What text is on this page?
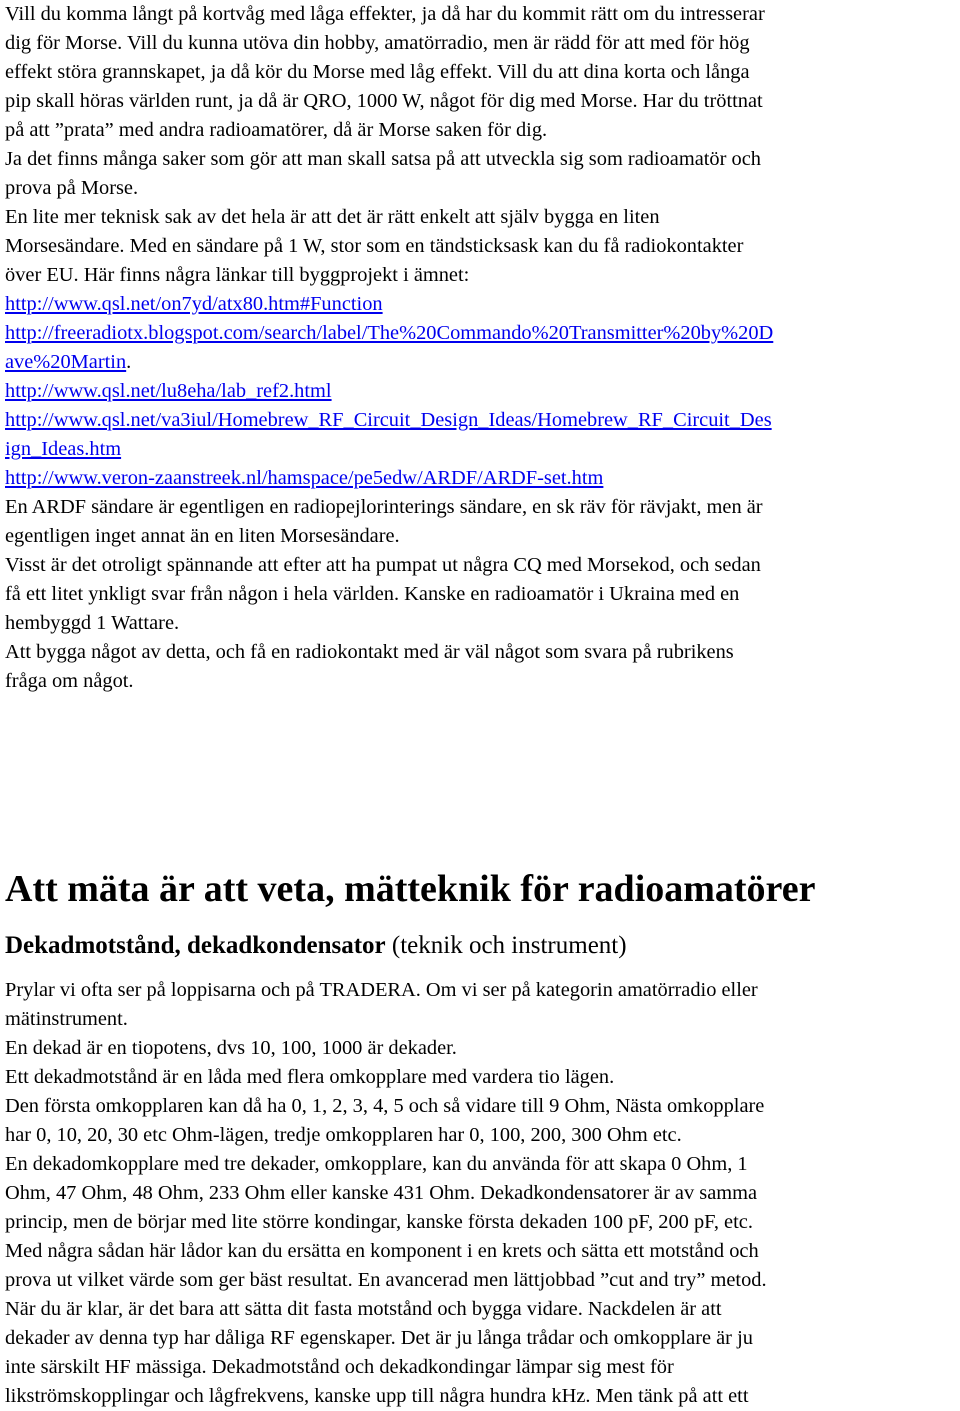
Vill du komma långt på kortvåg med låga effekter, ja då har du kommit rätt om du intresserar
dig för Morse. Vill du kunna utöva din hobby, amatörradio, men är rädd för att med för hög
effekt störa grannskapet, ja då kör du Morse med låg effekt. Vill du att dina korta och långa
pip skall höras världen runt, ja då är QRO, 1000 W, något för dig med Morse. Har du tröttnat
på att ”prata” med andra radioamatörer, då är Morse saken för dig.
Ja det finns många saker som gör att man skall satsa på att utveckla sig som radioamatör och
prova på Morse.
En lite mer teknisk sak av det hela är att det är rätt enkelt att själv bygga en liten
Morsesändare. Med en sändare på 1 W, stor som en tändsticksask kan du få radiokontakter
över EU. Här finns några länkar till byggprojekt i ämnet:
http://www.qsl.net/on7yd/atx80.htm#Function
http://freeradiotx.blogspot.com/search/label/The%20Commando%20Transmitter%20by%20D
ave%20Martin.
http://www.qsl.net/lu8eha/lab_ref2.html
http://www.qsl.net/va3iul/Homebrew_RF_Circuit_Design_Ideas/Homebrew_RF_Circuit_Des
ign_Ideas.htm
http://www.veron-zaanstreek.nl/hamspace/pe5edw/ARDF/ARDF-set.htm
En ARDF sändare är egentligen en radiopejlorinterings sändare, en sk räv för rävjakt, men är
egentligen inget annat än en liten Morsesändare.
Visst är det otroligt spännande att efter att ha pumpat ut några CQ med Morsekod, och sedan
få ett litet ynkligt svar från någon i hela världen. Kanske en radioamatör i Ukraina med en
hembyggd 1 Wattare.
Att bygga något av detta, och få en radiokontakt med är väl något som svara på rubrikens
fråga om något.
Att mäta är att veta, mätteknik för radioamatörer
Dekadmotstånd, dekadkondensator (teknik och instrument)
Prylar vi ofta ser på loppisarna och på TRADERA. Om vi ser på kategorin amatörradio eller
mätinstrument.
En dekad är en tiopotens, dvs 10, 100, 1000 är dekader.
Ett dekadmotstånd är en låda med flera omkopplare med vardera tio lägen.
Den första omkopplaren kan då ha 0, 1, 2, 3, 4, 5 och så vidare till 9 Ohm, Nästa omkopplare
har 0, 10, 20, 30 etc Ohm-lägen, tredje omkopplaren har 0, 100, 200, 300 Ohm etc.
En dekadomkopplare med tre dekader, omkopplare, kan du använda för att skapa 0 Ohm, 1
Ohm, 47 Ohm, 48 Ohm, 233 Ohm eller kanske 431 Ohm. Dekadkondensatorer är av samma
princip, men de börjar med lite större kondingar, kanske första dekaden 100 pF, 200 pF, etc.
Med några sådan här lådor kan du ersätta en komponent i en krets och sätta ett motstånd och
prova ut vilket värde som ger bäst resultat. En avancerad men lättjobbad ”cut and try” metod.
När du är klar, är det bara att sätta dit fasta motstånd och bygga vidare. Nackdelen är att
dekader av denna typ har dåliga RF egenskaper. Det är ju långa trådar och omkopplare är ju
inte särskilt HF mässiga. Dekadmotstånd och dekadkondingar lämpar sig mest för
likströmskopplingar och lågfrekvens, kanske upp till några hundra kHz. Men tänk på att ett
